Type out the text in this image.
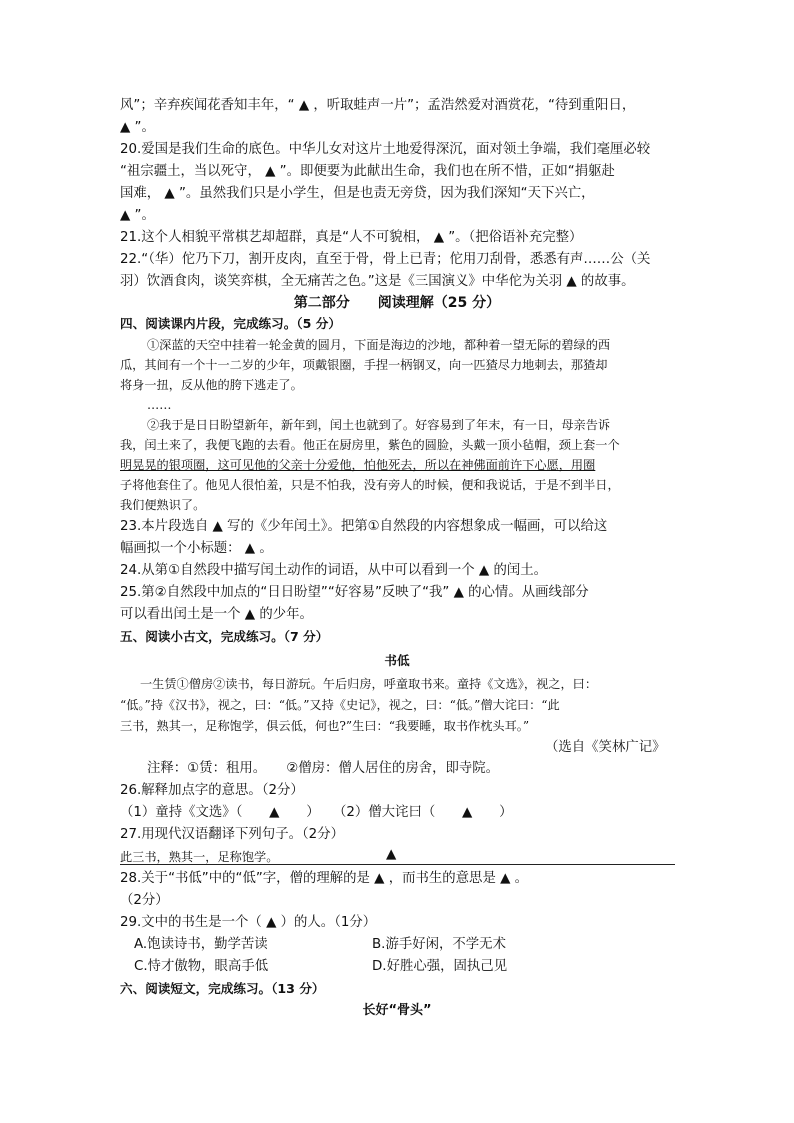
风”；辛弃疾闻花香知丰年，“ ▲ ，听取蛙声一片”；孟浩然爱对酒赏花，“待到重阳日，
▲ ”。
20.爱国是我们生命的底色。中华儿女对这片土地爱得深沉，面对领土争端，我们毫厘必较
“祖宗疆土，当以死守， ▲ ”。即便要为此献出生命，我们也在所不惜，正如“捐躯赴
国难， ▲ ”。虽然我们只是小学生，但是也责无旁贷，因为我们深知“天下兴亡，
▲ ”。
21.这个人相貌平常棋艺却超群，真是“人不可貌相， ▲ ”。（把俗语补充完整）
22.“（华）佗乃下刀，割开皮肉，直至于骨，骨上已青；佗用刀刮骨，悉悉有声……公（关
羽）饮酒食肉，谈笑弈棋，全无痛苦之色。”这是《三国演义》中华佗为关羽 ▲ 的故事。
第二部分　　阅读理解（25 分）
四、阅读课内片段，完成练习。（5 分）
①深蓝的天空中挂着一轮金黄的圆月，下面是海边的沙地，都种着一望无际的碧绿的西
瓜，其间有一个十一二岁的少年，项戴银圈，手捏一柄钢叉，向一匹猹尽力地刺去，那猹却
将身一扭，反从他的胯下逃走了。
……
②我于是日日盼望新年，新年到，闰土也就到了。好容易到了年末，有一日，母亲告诉
我，闰土来了，我便飞跑的去看。他正在厨房里，紫色的圆脸，头戴一顶小毡帽，颈上套一个
明晃晃的银项圈，这可见他的父亲十分爱他，怕他死去，所以在神佛面前许下心愿，用圈
子将他套住了。他见人很怕羞，只是不怕我，没有旁人的时候，便和我说话，于是不到半日，
我们便熟识了。
23.本片段选自 ▲ 写的《少年闰土》。把第①自然段的内容想象成一幅画，可以给这
幅画拟一个小标题： ▲ 。
24.从第①自然段中描写闰土动作的词语，从中可以看到一个 ▲ 的闰土。
25.第②自然段中加点的“日日盼望”“好容易”反映了“我” ▲ 的心情。从画线部分
可以看出闰土是一个 ▲ 的少年。
五、阅读小古文，完成练习。（7 分）
书低
一生赁①僧房②读书，每日游玩。午后归房，呼童取书来。童持《文选》，视之，曰：
“低。”持《汉书》，视之，曰：“低。”又持《史记》，视之，曰：“低。”僧大诧曰：“此
三书，熟其一，足称饱学，俱云低，何也?”生曰：“我要睡，取书作枕头耳。”
（选自《笑林广记》
注释：①赁：租用。　　②僧房：僧人居住的房舍，即寺院。
26.解释加点字的意思。（2分）
（1）童持《文选》（　　▲　　）　　（2）僧大诧曰（　　▲　　）
27.用现代汉语翻译下列句子。（2分）
此三书，熟其一，足称饱学。	▲
28.关于“书低”中的“低”字，僧的理解的是 ▲ ，而书生的意思是 ▲ 。
（2分）
29.文中的书生是一个（ ▲ ）的人。（1分）
A.饱读诗书，勤学苦读	B.游手好闲，不学无术
C.恃才傲物，眼高手低	D.好胜心强，固执己见
六、阅读短文，完成练习。（13 分）
长好“骨头”
